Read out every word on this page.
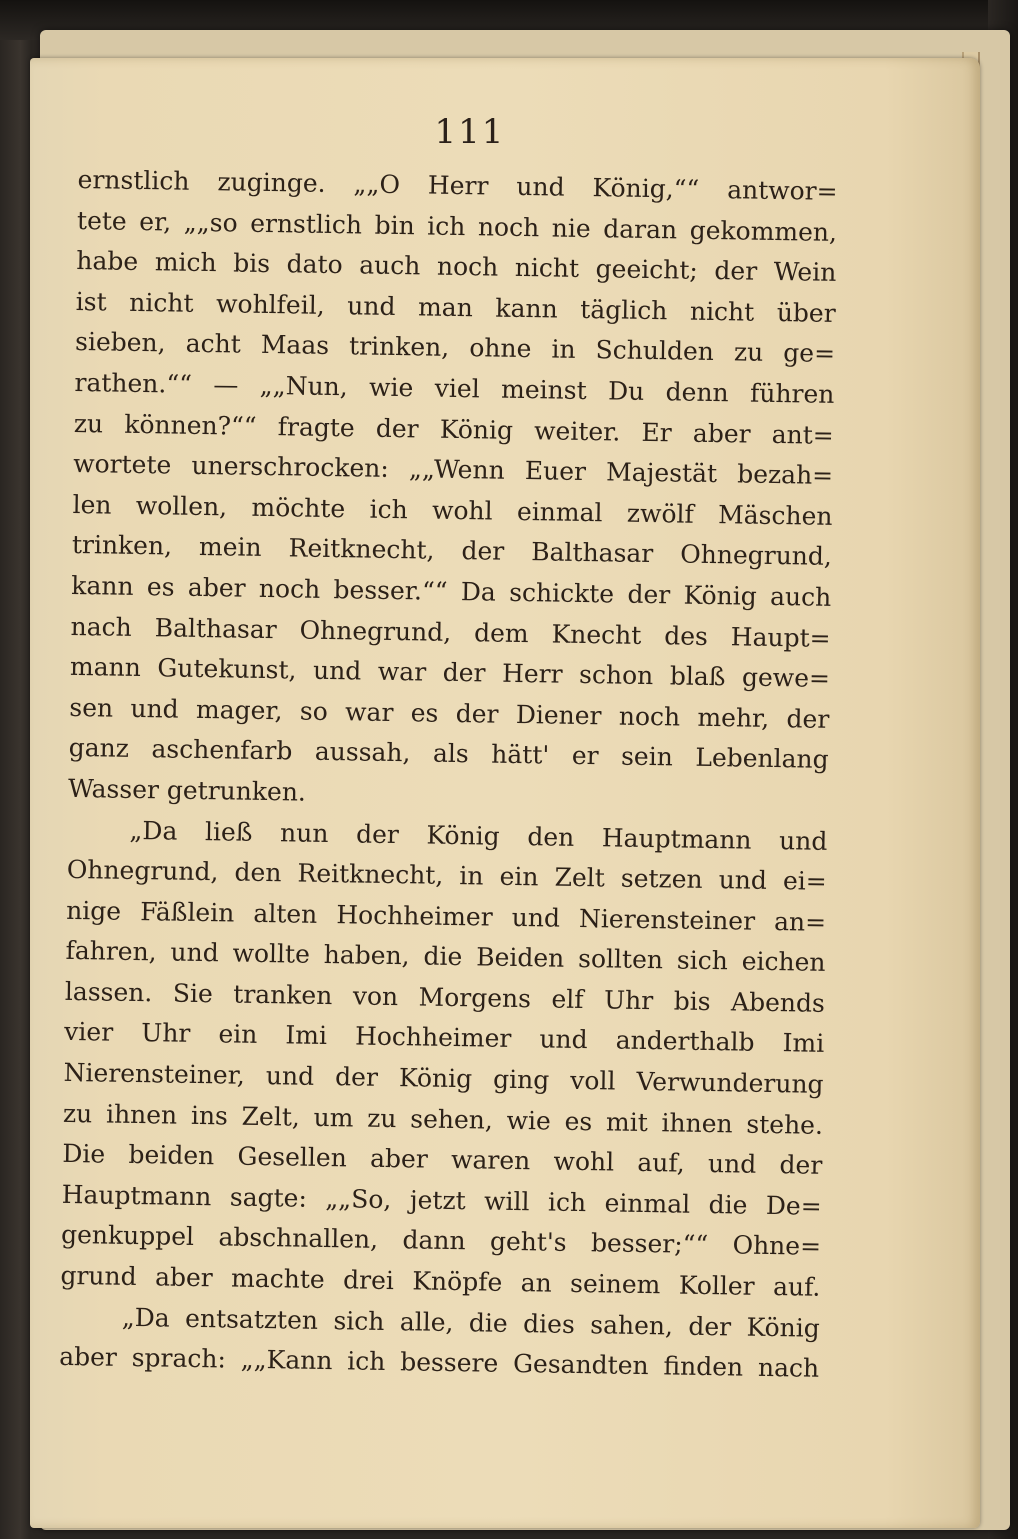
111
ernstlich zuginge. „„O Herr und König,““ antwor=
tete er, „„so ernstlich bin ich noch nie daran gekommen,
habe mich bis dato auch noch nicht geeicht; der Wein
ist nicht wohlfeil, und man kann täglich nicht über
sieben, acht Maas trinken, ohne in Schulden zu ge=
rathen.““ — „„Nun, wie viel meinst Du denn führen
zu können?““ fragte der König weiter. Er aber ant=
wortete unerschrocken: „„Wenn Euer Majestät bezah=
len wollen, möchte ich wohl einmal zwölf Mäschen
trinken, mein Reitknecht, der Balthasar Ohnegrund,
kann es aber noch besser.““ Da schickte der König auch
nach Balthasar Ohnegrund, dem Knecht des Haupt=
mann Gutekunst, und war der Herr schon blaß gewe=
sen und mager, so war es der Diener noch mehr, der
ganz aschenfarb aussah, als hätt' er sein Lebenlang
Wasser getrunken.
„Da ließ nun der König den Hauptmann und
Ohnegrund, den Reitknecht, in ein Zelt setzen und ei=
nige Fäßlein alten Hochheimer und Nierensteiner an=
fahren, und wollte haben, die Beiden sollten sich eichen
lassen. Sie tranken von Morgens elf Uhr bis Abends
vier Uhr ein Imi Hochheimer und anderthalb Imi
Nierensteiner, und der König ging voll Verwunderung
zu ihnen ins Zelt, um zu sehen, wie es mit ihnen stehe.
Die beiden Gesellen aber waren wohl auf, und der
Hauptmann sagte: „„So, jetzt will ich einmal die De=
genkuppel abschnallen, dann geht's besser;““ Ohne=
grund aber machte drei Knöpfe an seinem Koller auf.
„Da entsatzten sich alle, die dies sahen, der König
aber sprach: „„Kann ich bessere Gesandten finden nach
